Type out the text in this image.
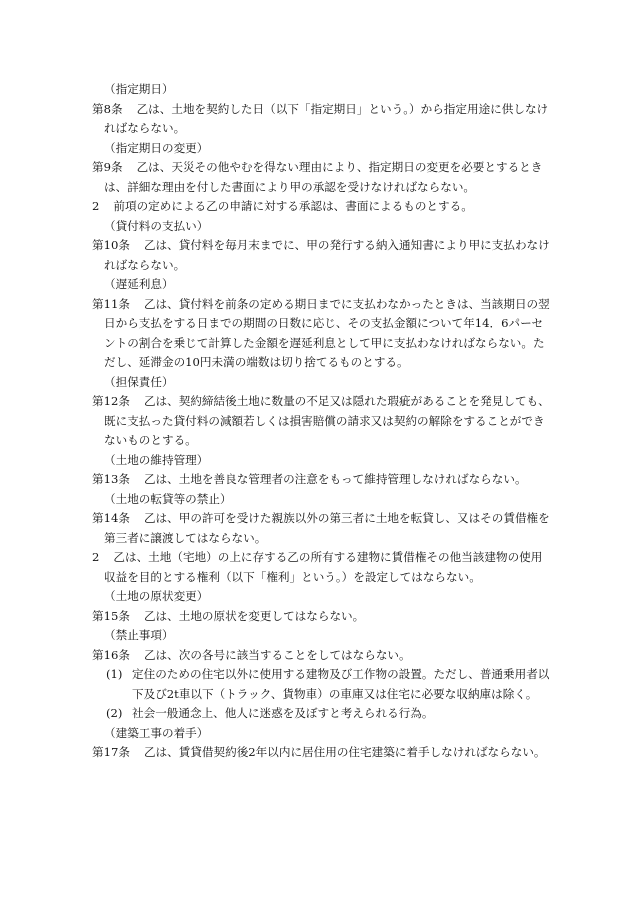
（指定期日）
第8条 乙は、土地を契約した日（以下「指定期日」という。）から指定用途に供しなければならない。
（指定期日の変更）
第9条 乙は、天災その他やむを得ない理由により、指定期日の変更を必要とするときは、詳細な理由を付した書面により甲の承認を受けなければならない。
2 前項の定めによる乙の申請に対する承認は、書面によるものとする。
（貸付料の支払い）
第10条 乙は、貸付料を毎月末までに、甲の発行する納入通知書により甲に支払わなければならない。
（遅延利息）
第11条 乙は、貸付料を前条の定める期日までに支払わなかったときは、当該期日の翌日から支払をする日までの期間の日数に応じ、その支払金額について年14．6パーセントの割合を乗じて計算した金額を遅延利息として甲に支払わなければならない。ただし、延滞金の10円未満の端数は切り捨てるものとする。
（担保責任）
第12条 乙は、契約締結後土地に数量の不足又は隠れた瑕疵があることを発見しても、既に支払った貸付料の減額若しくは損害賠償の請求又は契約の解除をすることができないものとする。
（土地の維持管理）
第13条 乙は、土地を善良な管理者の注意をもって維持管理しなければならない。
（土地の転貸等の禁止）
第14条 乙は、甲の許可を受けた親族以外の第三者に土地を転貸し、又はその賃借権を第三者に譲渡してはならない。
2 乙は、土地（宅地）の上に存する乙の所有する建物に賃借権その他当該建物の使用収益を目的とする権利（以下「権利」という。）を設定してはならない。
（土地の原状変更）
第15条 乙は、土地の原状を変更してはならない。
（禁止事項）
第16条 乙は、次の各号に該当することをしてはならない。
(1) 定住のための住宅以外に使用する建物及び工作物の設置。ただし、普通乗用者以下及び2t車以下（トラック、貨物車）の車庫又は住宅に必要な収納庫は除く。
(2) 社会一般通念上、他人に迷惑を及ぼすと考えられる行為。
（建築工事の着手）
第17条 乙は、賃貸借契約後2年以内に居住用の住宅建築に着手しなければならない。
